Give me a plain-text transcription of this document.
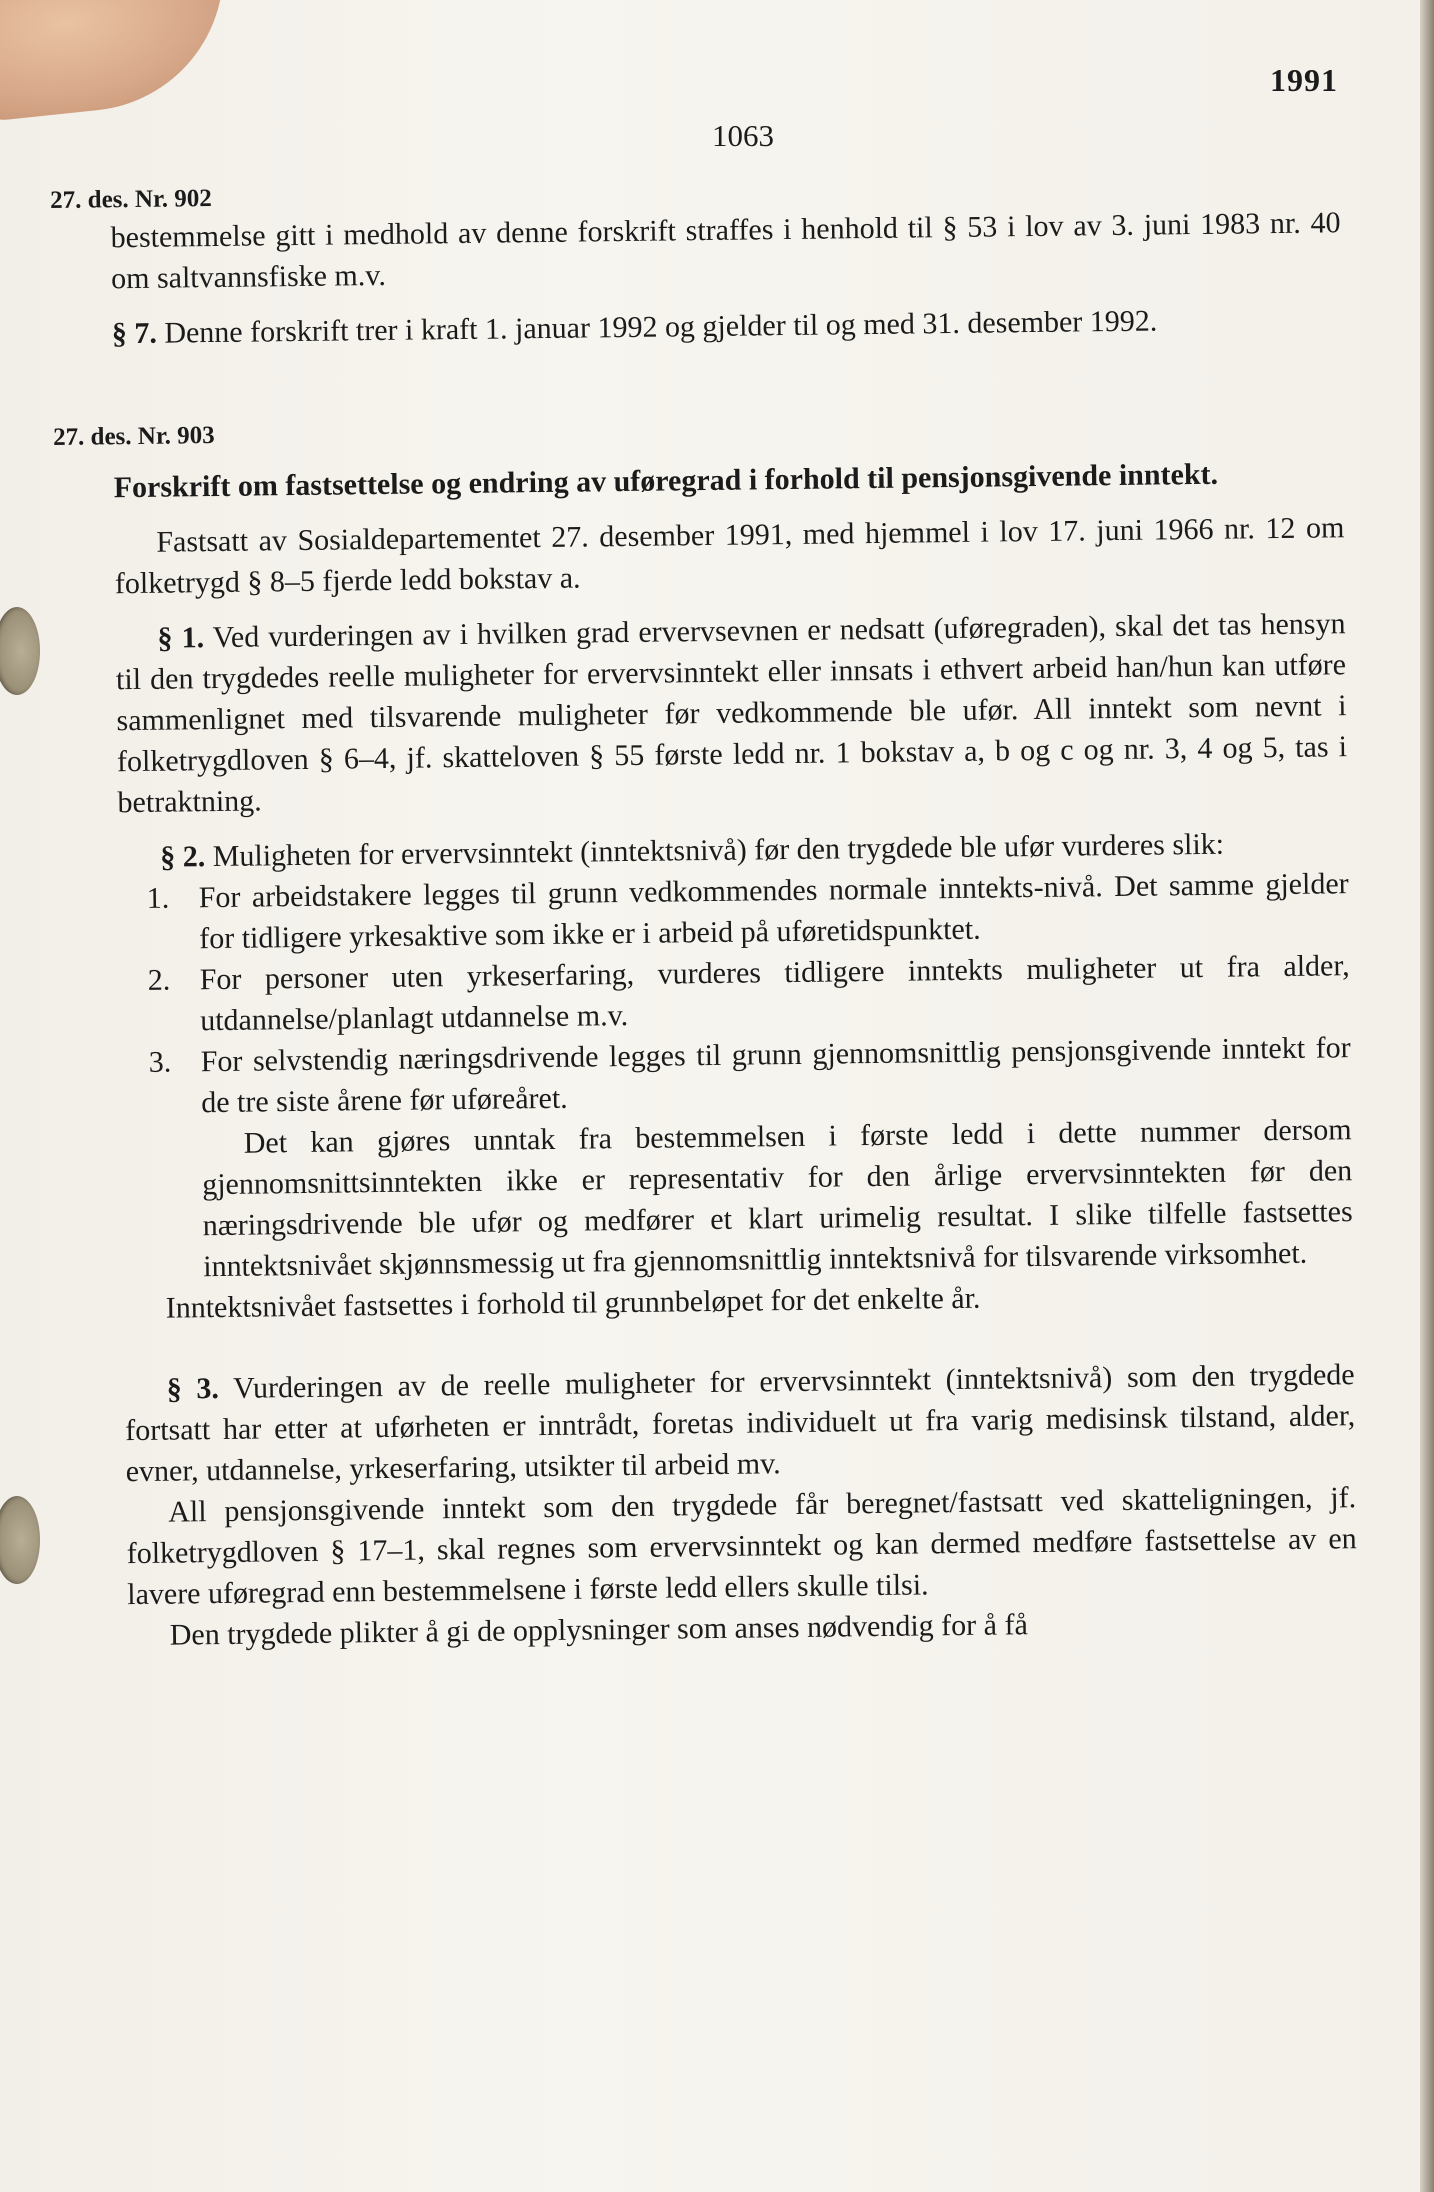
1991
1063

27. des. Nr. 902

bestemmelse gitt i medhold av denne forskrift straffes i henhold til § 53 i lov av 3. juni 1983 nr. 40 om saltvannsfiske m.v.

§ 7. Denne forskrift trer i kraft 1. januar 1992 og gjelder til og med 31. desember 1992.

27. des. Nr. 903

Forskrift om fastsettelse og endring av uføregrad i forhold til pensjonsgivende inntekt.

Fastsatt av Sosialdepartementet 27. desember 1991, med hjemmel i lov 17. juni 1966 nr. 12 om folketrygd § 8–5 fjerde ledd bokstav a.

§ 1. Ved vurderingen av i hvilken grad ervervsevnen er nedsatt (uføregraden), skal det tas hensyn til den trygdedes reelle muligheter for ervervsinntekt eller innsats i ethvert arbeid han/hun kan utføre sammenlignet med tilsvarende muligheter før vedkommende ble ufør. All inntekt som nevnt i folketrygdloven § 6–4, jf. skatteloven § 55 første ledd nr. 1 bokstav a, b og c og nr. 3, 4 og 5, tas i betraktning.

§ 2. Muligheten for ervervsinntekt (inntektsnivå) før den trygdede ble ufør vurderes slik:

1. For arbeidstakere legges til grunn vedkommendes normale inntekts-nivå. Det samme gjelder for tidligere yrkesaktive som ikke er i arbeid på uføretidspunktet.
2. For personer uten yrkeserfaring, vurderes tidligere inntekts muligheter ut fra alder, utdannelse/planlagt utdannelse m.v.
3. For selvstendig næringsdrivende legges til grunn gjennomsnittlig pensjonsgivende inntekt for de tre siste årene før uføreåret.

Det kan gjøres unntak fra bestemmelsen i første ledd i dette nummer dersom gjennomsnittsinntekten ikke er representativ for den årlige ervervsinntekten før den næringsdrivende ble ufør og medfører et klart urimelig resultat. I slike tilfelle fastsettes inntektsnivået skjønnsmessig ut fra gjennomsnittlig inntektsnivå for tilsvarende virksomhet.

Inntektsnivået fastsettes i forhold til grunnbeløpet for det enkelte år.

§ 3. Vurderingen av de reelle muligheter for ervervsinntekt (inntektsnivå) som den trygdede fortsatt har etter at uførheten er inntrådt, foretas individuelt ut fra varig medisinsk tilstand, alder, evner, utdannelse, yrkeserfaring, utsikter til arbeid mv.

All pensjonsgivende inntekt som den trygdede får beregnet/fastsatt ved skatteligningen, jf. folketrygdloven § 17–1, skal regnes som ervervsinntekt og kan dermed medføre fastsettelse av en lavere uføregrad enn bestemmelsene i første ledd ellers skulle tilsi.

Den trygdede plikter å gi de opplysninger som anses nødvendig for å få
